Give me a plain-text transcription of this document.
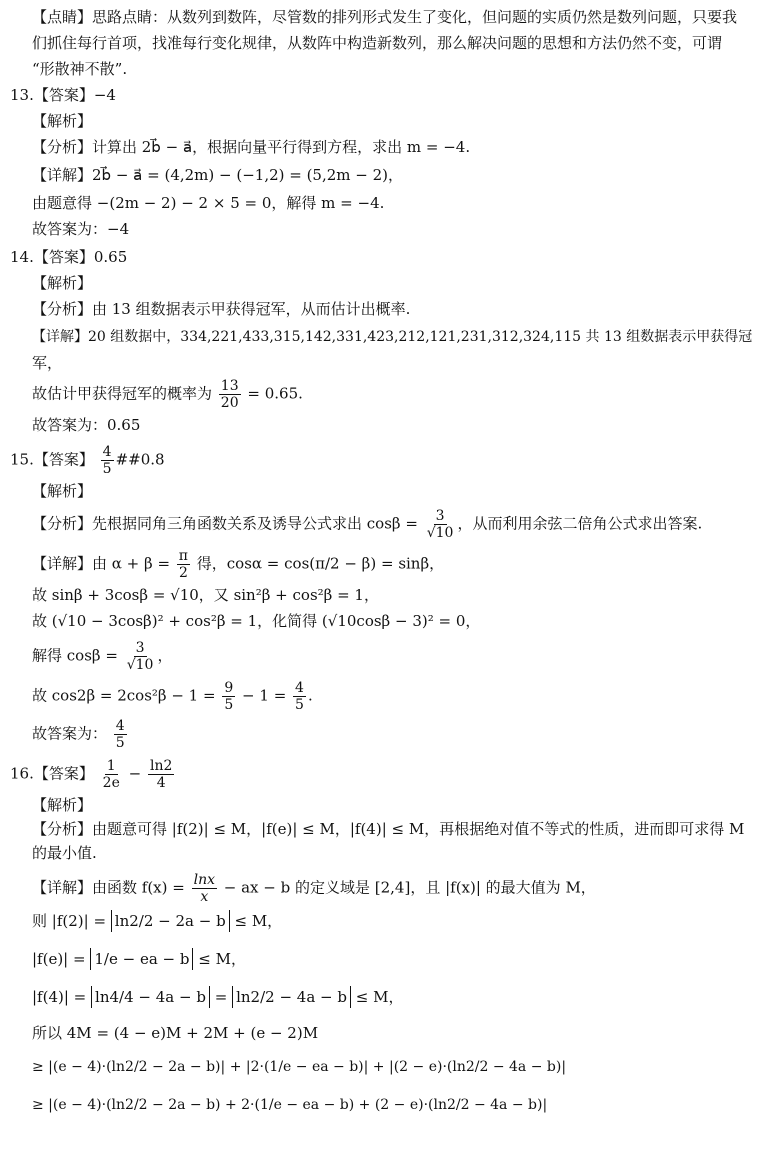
【点睛】思路点睛：从数列到数阵，尽管数的排列形式发生了变化，但问题的实质仍然是数列问题，只要我
们抓住每行首项，找准每行变化规律，从数阵中构造新数列，那么解决问题的思想和方法仍然不变，可谓
“形散神不散”.
13.【答案】−4
【解析】
【分析】计算出 2b⃗ − a⃗，根据向量平行得到方程，求出 m = −4.
【详解】2b⃗ − a⃗ = (4,2m) − (−1,2) = (5,2m − 2)，
由题意得 −(2m − 2) − 2 × 5 = 0，解得 m = −4.
故答案为：−4
14.【答案】0.65
【解析】
【分析】由 13 组数据表示甲获得冠军，从而估计出概率.
【详解】20 组数据中，334,221,433,315,142,331,423,212,121,231,312,324,115 共 13 组数据表示甲获得冠
军，
故估计甲获得冠军的概率为 $\frac{13}{20} = 0.65$.
故答案为：0.65
15.【答案】 $\frac{4}{5}$ ##0.8
【解析】
【分析】先根据同角三角函数关系及诱导公式求出 $\cos\beta = \frac{3}{√10}$ ，从而利用余弦二倍角公式求出答案.
【详解】由 $\alpha + \beta = \frac{\pi}{2}$ 得，cosα = cos(π/2 − β) = sinβ，
故 sinβ + 3cosβ = √10，又 sin²β + cos²β = 1，
故 (√10 − 3cosβ)² + cos²β = 1，化简得 (√10cosβ − 3)² = 0，
解得 $\cos\beta = \frac{3}{√10}$ ，
故 $\cos 2\beta = 2\cos^2\beta - 1 = \frac{9}{5} - 1 = \frac{4}{5}$ .
故答案为： $\frac{4}{5}$
16.【答案】 $\frac{1}{2e} - \frac{\ln 2}{4}$
【解析】
【分析】由题意可得 |f(2)| ≤ M，|f(e)| ≤ M，|f(4)| ≤ M，再根据绝对值不等式的性质，进而即可求得 M
的最小值.
【详解】由函数 $f(x) = \frac{\ln x}{x}$ − ax − b 的定义域是 [2,4]，且 |f(x)| 的最大值为 M，
则 |f(2)| = ln2/2 − 2a − b ≤ M，
|f(e)| = 1/e − ea − b ≤ M，
|f(4)| = ln4/4 − 4a − b = ln2/2 − 4a − b ≤ M，
所以 4M = (4 − e)M + 2M + (e − 2)M
≥ |(e − 4)·(ln2/2 − 2a − b)| + |2·(1/e − ea − b)| + |(2 − e)·(ln2/2 − 4a − b)|
≥ |(e − 4)·(ln2/2 − 2a − b) + 2·(1/e − ea − b) + (2 − e)·(ln2/2 − 4a − b)|
